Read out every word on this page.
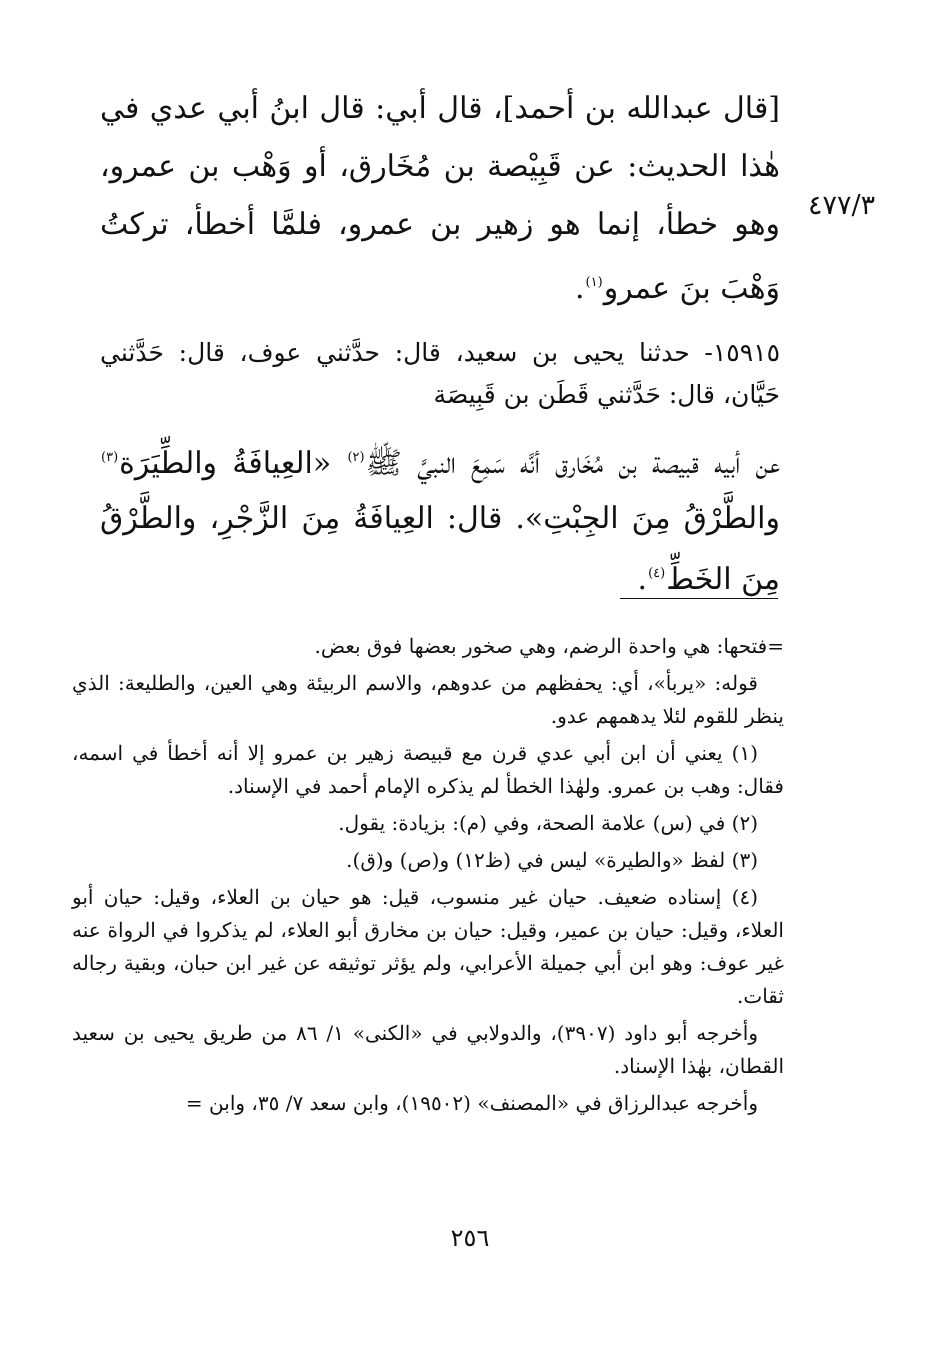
٤٧٧/٣

[قال عبدالله بن أحمد]، قال أبي: قال ابنُ أبي عدي في هٰذا الحديث: عن قَبِيْصة بن مُخَارق، أو وَهْب بن عمرو، وهو خطأ، إنما هو زهير بن عمرو، فلمَّا أخطأ، تركتُ وَهْبَ بنَ عمرو$^{(١)}$.

١٥٩١٥- حدثنا يحيى بن سعيد، قال: حدَّثني عوف، قال: حَدَّثني حَيَّان، قال: حَدَّثني قَطَن بن قَبِيصَة

عن أبيه قبيصة بن مُخَارق أنَّه سَمِعَ النبيَّ ﷺ$^{(٢)}$ «العِيافَةُ والطِّيَرَة$^{(٣)}$ والطَّرْقُ مِنَ الجِبْتِ». قال: العِيافَةُ مِنَ الزَّجْرِ، والطَّرْقُ مِنَ الخَطِّ$^{(٤)}$.

=فتحها: هي واحدة الرضم، وهي صخور بعضها فوق بعض.

قوله: «يربأ»، أي: يحفظهم من عدوهم، والاسم الربيئة وهي العين، والطليعة: الذي ينظر للقوم لئلا يدهمهم عدو.

(١) يعني أن ابن أبي عدي قرن مع قبيصة زهير بن عمرو إلا أنه أخطأ في اسمه، فقال: وهب بن عمرو. ولهٰذا الخطأ لم يذكره الإمام أحمد في الإسناد.

(٢) في (س) علامة الصحة، وفي (م): بزيادة: يقول.

(٣) لفظ «والطيرة» ليس في (ظ١٢) و(ص) و(ق).

(٤) إسناده ضعيف. حيان غير منسوب، قيل: هو حيان بن العلاء، وقيل: حيان أبو العلاء، وقيل: حيان بن عمير، وقيل: حيان بن مخارق أبو العلاء، لم يذكروا في الرواة عنه غير عوف: وهو ابن أبي جميلة الأعرابي، ولم يؤثر توثيقه عن غير ابن حبان، وبقية رجاله ثقات.

وأخرجه أبو داود (٣٩٠٧)، والدولابي في «الكنى» ١/ ٨٦ من طريق يحيى بن سعيد القطان، بهٰذا الإسناد.

وأخرجه عبدالرزاق في «المصنف» (١٩٥٠٢)، وابن سعد ٧/ ٣٥، وابن =

٢٥٦
